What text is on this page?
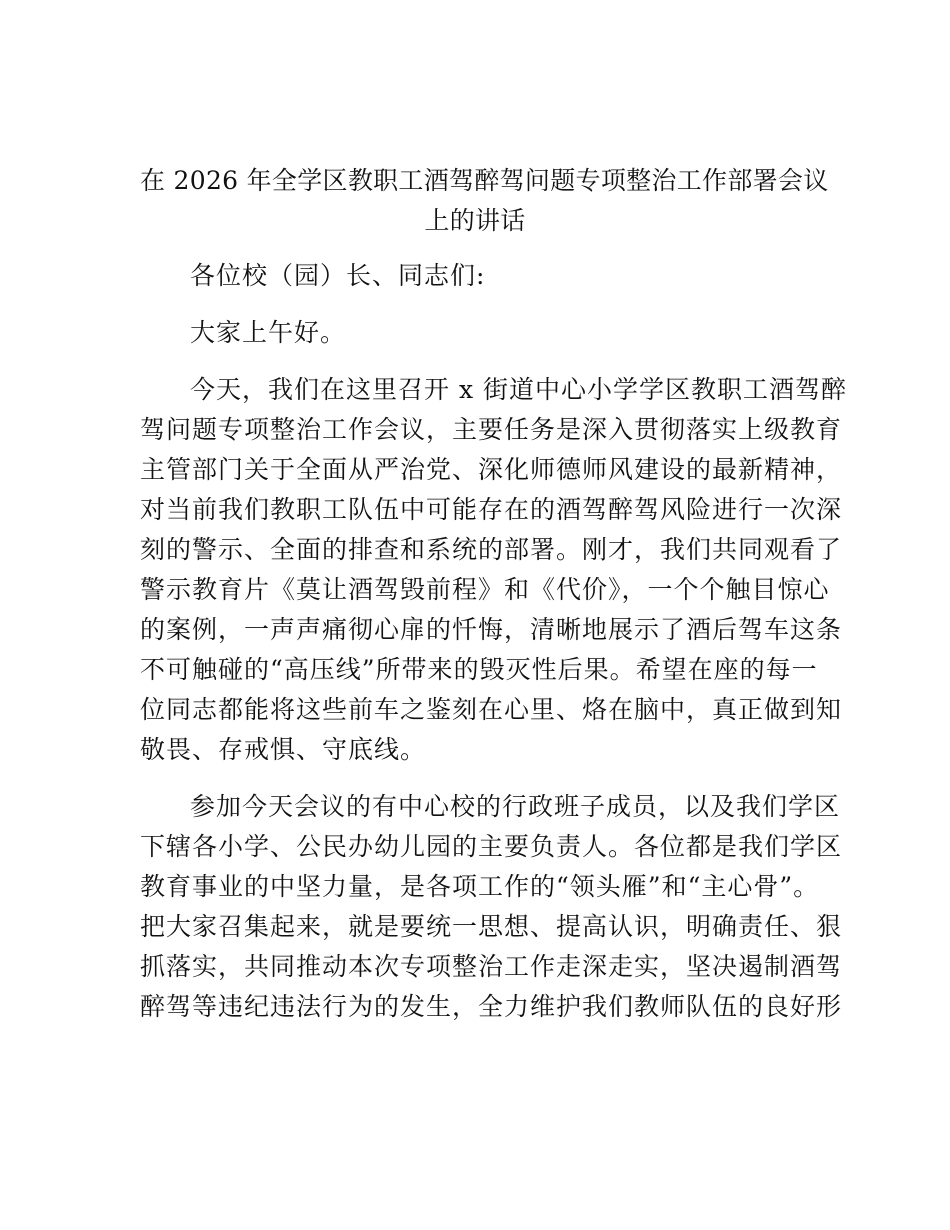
在 2026 年全学区教职工酒驾醉驾问题专项整治工作部署会议
上的讲话
各位校（园）长、同志们:
大家上午好。
今天，我们在这里召开 x 街道中心小学学区教职工酒驾醉
驾问题专项整治工作会议，主要任务是深入贯彻落实上级教育
主管部门关于全面从严治党、深化师德师风建设的最新精神，
对当前我们教职工队伍中可能存在的酒驾醉驾风险进行一次深
刻的警示、全面的排查和系统的部署。刚才，我们共同观看了
警示教育片《莫让酒驾毁前程》和《代价》，一个个触目惊心
的案例，一声声痛彻心扉的忏悔，清晰地展示了酒后驾车这条
不可触碰的“高压线”所带来的毁灭性后果。希望在座的每一
位同志都能将这些前车之鉴刻在心里、烙在脑中，真正做到知
敬畏、存戒惧、守底线。
参加今天会议的有中心校的行政班子成员，以及我们学区
下辖各小学、公民办幼儿园的主要负责人。各位都是我们学区
教育事业的中坚力量，是各项工作的“领头雁”和“主心骨”。
把大家召集起来，就是要统一思想、提高认识，明确责任、狠
抓落实，共同推动本次专项整治工作走深走实，坚决遏制酒驾
醉驾等违纪违法行为的发生，全力维护我们教师队伍的良好形
